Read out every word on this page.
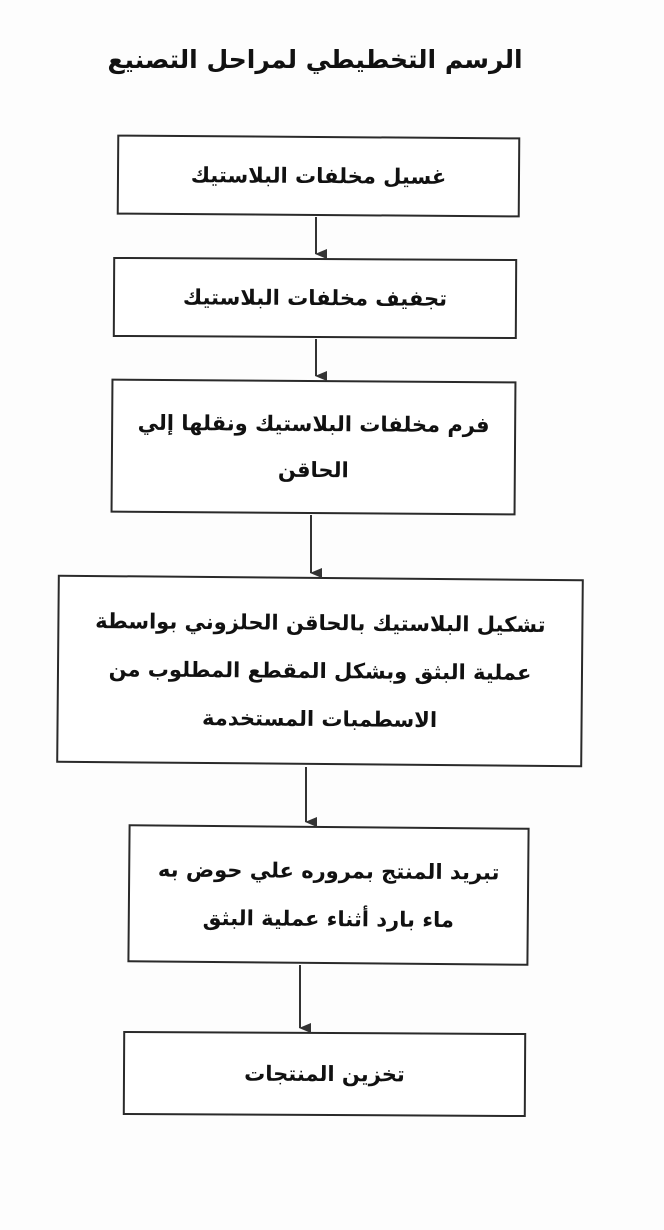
الرسم التخطيطي لمراحل التصنيع
غسيل مخلفات البلاستيك
تجفيف مخلفات البلاستيك
فرم مخلفات البلاستيك ونقلها إلي الحاقن
تشكيل البلاستيك بالحاقن الحلزوني بواسطة عملية البثق وبشكل المقطع المطلوب من الاسطمبات المستخدمة
تبريد المنتج بمروره علي حوض به ماء بارد أثناء عملية البثق
تخزين المنتجات
